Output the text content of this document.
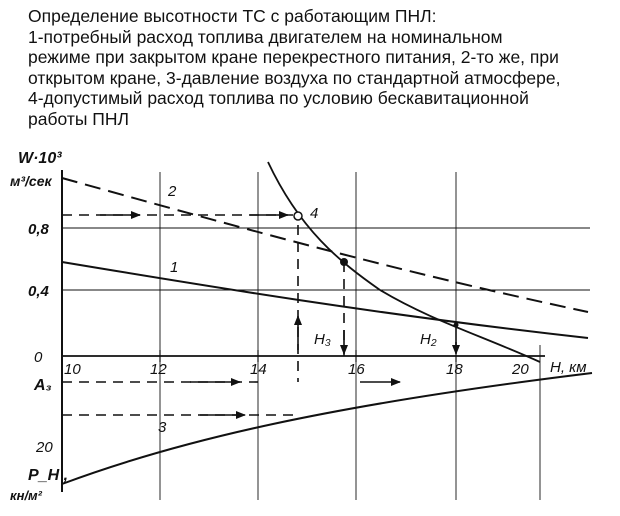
Определение высотности ТС с работающим ПНЛ:
1-потребный расход топлива двигателем на номинальном
режиме при закрытом кране перекрестного питания, 2-то же, при
открытом кране, 3-давление воздуха по стандартной атмосфере,
4-допустимый расход топлива по условию бескавитационной
работы ПНЛ
W·10³
м³/сек
0
0,4
0,8
10	12	14	16	18	20 H, км
A₃
20
P_H ,
кн/м²
2
1
3
4
H₃	H₂
